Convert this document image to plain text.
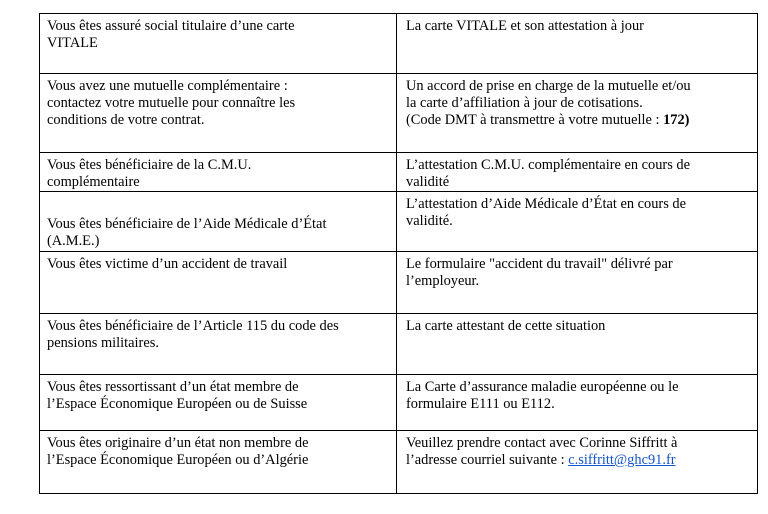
Vous êtes assuré social titulaire d’une carte
VITALE	La carte VITALE et son attestation à jour
Vous avez une mutuelle complémentaire :
contactez votre mutuelle pour connaître les
conditions de votre contrat.	Un accord de prise en charge de la mutuelle et/ou
la carte d’affiliation à jour de cotisations.
(Code DMT à transmettre à votre mutuelle : 172)
Vous êtes bénéficiaire de la C.M.U.
complémentaire	L’attestation C.M.U. complémentaire en cours de
validité
Vous êtes bénéficiaire de l’Aide Médicale d’État
(A.M.E.)	L’attestation d’Aide Médicale d’État en cours de
validité.
Vous êtes victime d’un accident de travail	Le formulaire "accident du travail" délivré par
l’employeur.
Vous êtes bénéficiaire de l’Article 115 du code des
pensions militaires.	La carte attestant de cette situation
Vous êtes ressortissant d’un état membre de
l’Espace Économique Européen ou de Suisse	La Carte d’assurance maladie européenne ou le
formulaire E111 ou E112.
Vous êtes originaire d’un état non membre de
l’Espace Économique Européen ou d’Algérie	Veuillez prendre contact avec Corinne Siffritt à
l’adresse courriel suivante : c.siffritt@ghc91.fr
